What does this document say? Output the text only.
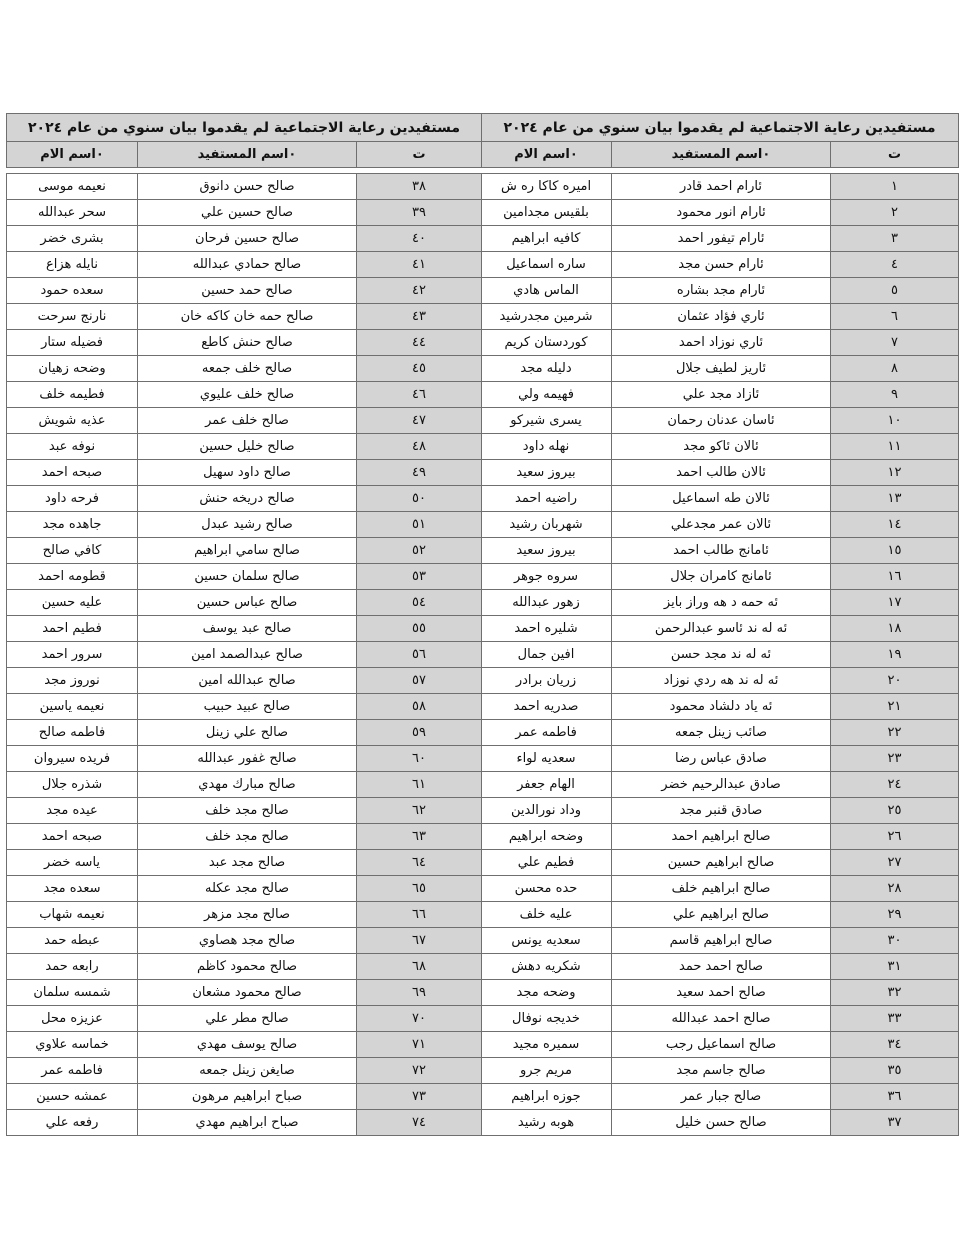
مستفيدين رعاية الاجتماعية لم يقدموا بيان سنوي من عام ٢٠٢٤		
ت	٠اسم المستفيد	٠اسم الام

١	ئارام احمد قادر	اميره كاكا ره ش
٢	ئارام انور محمود	بلقيس مجدامين
٣	ئارام تيفور احمد	كافيه ابراهيم
٤	ئارام حسن مجد	ساره اسماعيل
٥	ئارام مجد بشاره	الماس هادي
٦	ئاري فؤاد عثمان	شرمين مجدرشيد
٧	ئاري نوزاد احمد	كوردستان كريم
٨	ئاريز لطيف جلال	دليله مجد
٩	ئازاد مجد علي	فهيمه ولي
١٠	ئاسان عدنان رحمان	يسرى شيركو
١١	ئالان ئاكو مجد	نهله داود
١٢	ئالان طالب احمد	بيروز سعيد
١٣	ئالان طه اسماعيل	راضيه احمد
١٤	ئالان عمر مجدعلي	شهربان رشيد
١٥	ئامانج طالب احمد	بيروز سعيد
١٦	ئامانج كامران جلال	سروه جوهر
١٧	ئه حمه د هه وراز بايز	زهور عبدالله
١٨	ئه له ند ئاسو عبدالرحمن	شليره احمد
١٩	ئه له ند مجد حسن	افين جمال
٢٠	ئه له ند هه ردي نوزاد	زريان برادر
٢١	ئه ياد دلشاد محمود	صدريه احمد
٢٢	صائب زينل جمعه	فاطمه عمر
٢٣	صادق عباس رضا	سعديه لواء
٢٤	صادق عبدالرحيم خضر	الهام جعفر
٢٥	صادق قنبر مجد	وداد نورالدين
٢٦	صالح ابراهيم احمد	وضحه ابراهيم
٢٧	صالح ابراهيم حسين	فطيم علي
٢٨	صالح ابراهيم خلف	حده محسن
٢٩	صالح ابراهيم علي	عليه خلف
٣٠	صالح ابراهيم قاسم	سعديه يونس
٣١	صالح احمد حمد	شكريه دهش
٣٢	صالح احمد سعيد	وضحه مجد
٣٣	صالح احمد عبدالله	خديجه نوفال
٣٤	صالح اسماعيل رجب	سميره مجيد
٣٥	صالح جاسم مجد	مريم جرو
٣٦	صالح جبار عمر	جوزه ابراهيم
٣٧	صالح حسن خليل	هوبه رشيد
مستفيدين رعاية الاجتماعية لم يقدموا بيان سنوي من عام ٢٠٢٤		
ت	٠اسم المستفيد	٠اسم الام

٣٨	صالح حسن دانوق	نعيمه موسى
٣٩	صالح حسين علي	سحر عبدالله
٤٠	صالح حسين فرحان	بشرى خضر
٤١	صالح حمادي عبدالله	نايله هزاع
٤٢	صالح حمد حسين	سعده حمود
٤٣	صالح حمه خان كاكه خان	نارنج سرحت
٤٤	صالح حنش كاطع	فضيله ستار
٤٥	صالح خلف جمعه	وضحه زهيان
٤٦	صالح خلف عليوي	فطيمه خلف
٤٧	صالح خلف عمر	عذيه شويش
٤٨	صالح خليل حسين	نوفه عبد
٤٩	صالح داود سهيل	صبحه احمد
٥٠	صالح دريخه حنش	فرحه داود
٥١	صالح رشيد عبدل	جاهده مجد
٥٢	صالح سامي ابراهيم	كافي صالح
٥٣	صالح سلمان حسين	قطومه احمد
٥٤	صالح عباس حسين	عليه حسين
٥٥	صالح عبد يوسف	فطيم احمد
٥٦	صالح عبدالصمد امين	سرور احمد
٥٧	صالح عبدالله امين	نوروز مجد
٥٨	صالح عبيد حبيب	نعيمه ياسين
٥٩	صالح علي زينل	فاطمه صالح
٦٠	صالح غفور عبدالله	فريده سيروان
٦١	صالح مبارك مهدي	شذره جلال
٦٢	صالح مجد خلف	عيده مجد
٦٣	صالح مجد خلف	صبحه احمد
٦٤	صالح مجد عبد	ياسه خضر
٦٥	صالح مجد عكله	سعده مجد
٦٦	صالح مجد مزهر	نعيمه شهاب
٦٧	صالح مجد هصاوي	عبطه حمد
٦٨	صالح محمود كاظم	رابعه حمد
٦٩	صالح محمود مشعان	شمسه سلمان
٧٠	صالح مطر علي	عزيزه محل
٧١	صالح يوسف مهدي	خماسه علاوي
٧٢	صايغن زينل جمعه	فاطمه عمر
٧٣	صباح ابراهيم مرهون	عمشه حسين
٧٤	صباح ابراهيم مهدي	رفعه علي
